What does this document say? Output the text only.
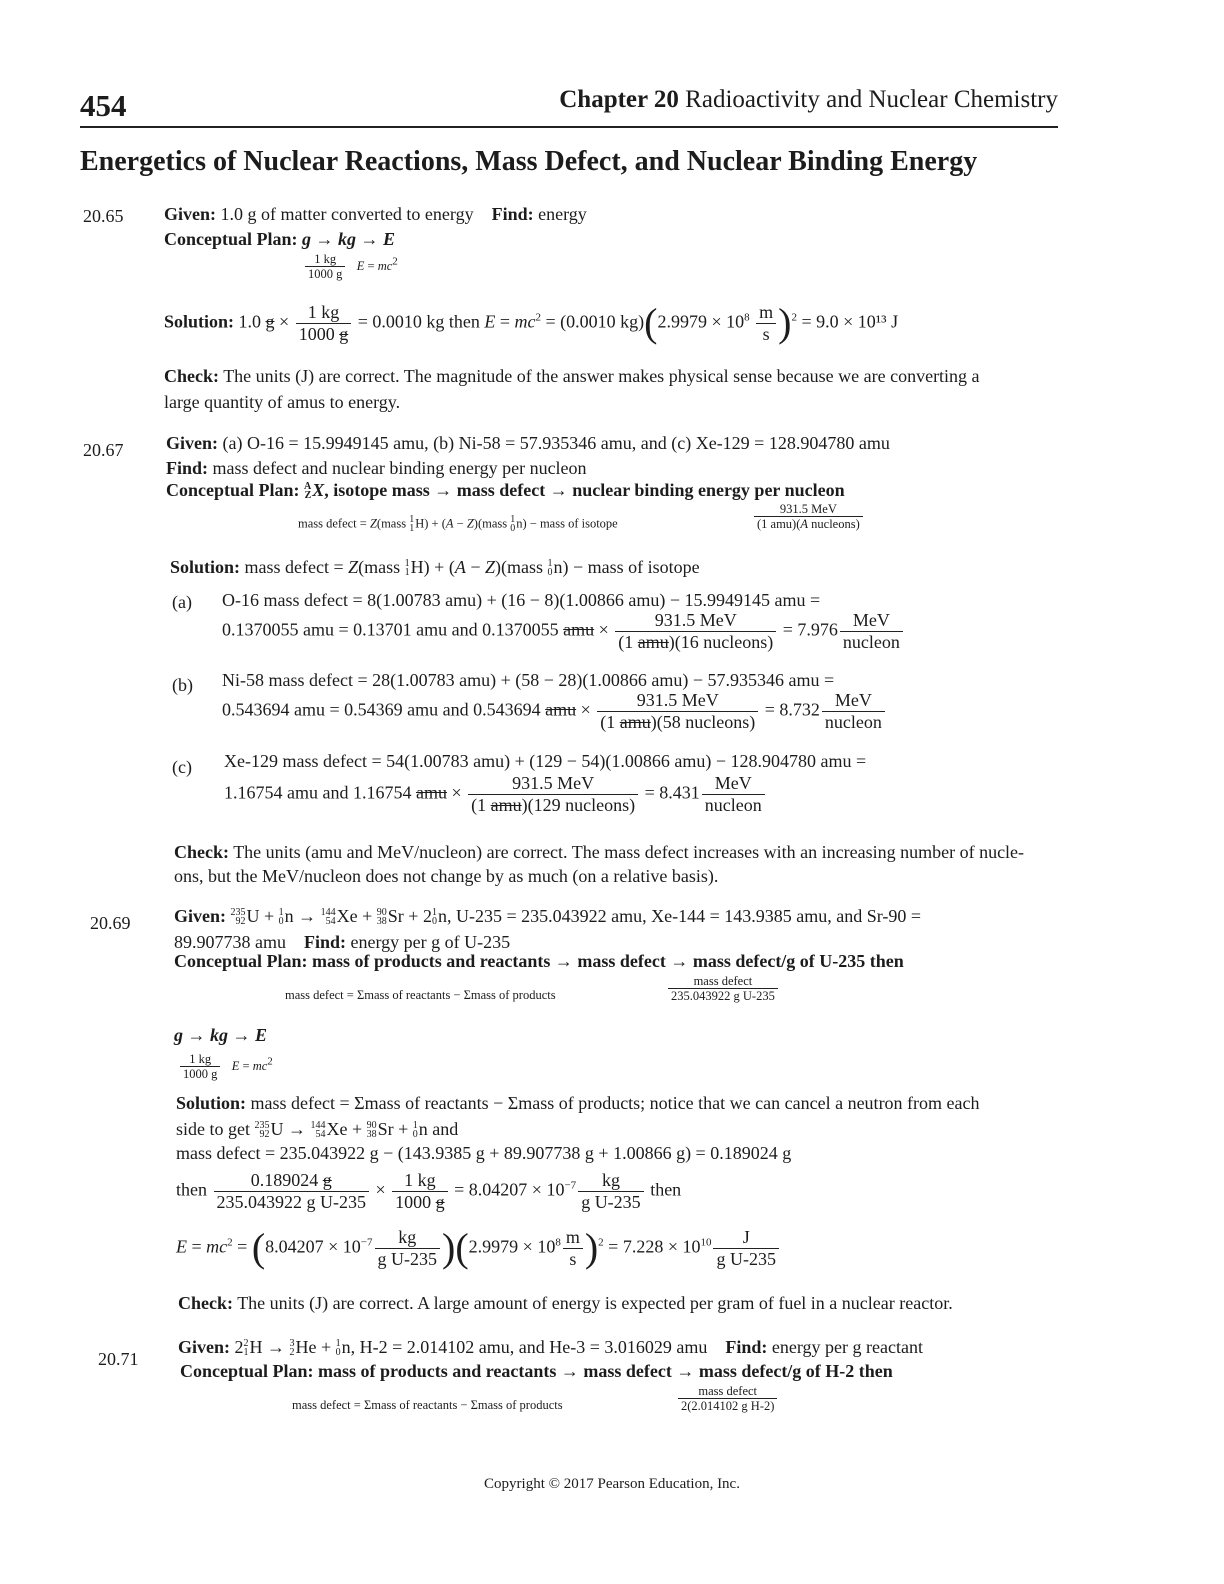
454	Chapter 20 Radioactivity and Nuclear Chemistry
Energetics of Nuclear Reactions, Mass Defect, and Nuclear Binding Energy
20.65 Given: 1.0 g of matter converted to energy Find: energy
Conceptual Plan: g → kg → E
$\frac{1 kg}{1000 g}$ $E = mc^2$
Solution: 1.0 $g \times \frac{1 kg}{1000 g} = 0.0010$ kg then $E = mc^2 = (0.0010$ $kg)(2.9979 \times 10^8 \frac{m}{s} )^2 = 9.0 \times 10^{13}$ J
Check: The units (J) are correct. The magnitude of the answer makes physical sense because we are converting a
large quantity of amus to energy.
20.67 Given: (a) O-16 = 15.9949145 amu, (b) Ni-58 = 57.935346 amu, and (c) Xe-129 = 128.904780 amu
Find: mass defect and nuclear binding energy per nucleon
Conceptual Plan: A
Z X, isotope mass → mass defect → nuclear binding energy per nucleon
mass defect = Z(mass 1
1 H) + (A − Z)(mass 1
0 n) − mass of isotope	$\frac{\text{931.5 MeV}}{\text{(1 amu)(A nucleons)}}$
Solution: mass defect = Z(mass 1
1 H) + (A − Z)(mass 1
0 n) − mass of isotope
(a) O-16 mass defect = 8(1.00783 amu) + (16 − 8)(1.00866 amu) − 15.9949145 amu =
0.1370055 amu = 0.13701 amu and 0.1370055 amu × $\frac{\text{931.5 MeV}}{\text{(1 amu)(16 nucleons)}} = 7.976 \frac{\text{MeV}}{\text{nucleon}}$
(b) Ni-58 mass defect = 28(1.00783 amu) + (58 − 28)(1.00866 amu) − 57.935346 amu =
0.543694 amu = 0.54369 amu and 0.543694 amu × $\frac{\text{931.5 MeV}}{\text{(1 amu)(58 nucleons)}} = 8.732 \frac{\text{MeV}}{\text{nucleon}}$
(c) Xe-129 mass defect = 54(1.00783 amu) + (129 − 54)(1.00866 amu) − 128.904780 amu =
1.16754 amu and 1.16754 amu × $\frac{\text{931.5 MeV}}{\text{(1 amu)(129 nucleons)}} = 8.431 \frac{\text{MeV}}{\text{nucleon}}$
Check: The units (amu and MeV/nucleon) are correct. The mass defect increases with an increasing number of nucle-
ons, but the MeV/nucleon does not change by as much (on a relative basis).
20.69 Given: 235
92 U + 1
0 n → 144
54 Xe + 90
38 Sr + 2 1
0 n, U-235 = 235.043922 amu, Xe-144 = 143.9385 amu, and Sr-90 =
89.907738 amu Find: energy per g of U-235
Conceptual Plan: mass of products and reactants → mass defect → mass defect/g of U-235 then
mass defect = Σmass of reactants − Σmass of products	$\frac{\text{mass defect}}{\text{235.043922 g U-235}}$
g → kg → E
$\frac{1 kg}{1000 g}$ $E = mc^2$
Solution: mass defect = Σmass of reactants − Σmass of products; notice that we can cancel a neutron from each
side to get 235
92 U → 144
54 Xe + 90
38 Sr + 1
0 n and
mass defect = 235.043922 g − (143.9385 g + 89.907738 g + 1.00866 g) = 0.189024 g
then $\frac{0.189024 g}{\text{235.043922 g U-235}} \times \frac{1 kg}{1000 g} = 8.04207 \times 10^{-7} \frac{kg}{\text{g U-235}}$ then
$E = mc^2 = (8.04207 \times 10^{-7} \frac{kg}{\text{g U-235}} )(2.9979 \times 10^8 \frac{m}{s} )^2 = 7.228 \times 10^{10} \frac{J}{\text{g U-235}}$
Check: The units (J) are correct. A large amount of energy is expected per gram of fuel in a nuclear reactor.
20.71
Given: 2 2
1 H → 3
2 He + 1
0 n, H-2 = 2.014102 amu, and He-3 = 3.016029 amu Find: energy per g reactant
Conceptual Plan: mass of products and reactants → mass defect → mass defect/g of H-2 then
mass defect = Σmass of reactants − Σmass of products	$\frac{\text{mass defect}}{\text{2(2.014102 g H-2)}}$
Copyright © 2017 Pearson Education, Inc.
